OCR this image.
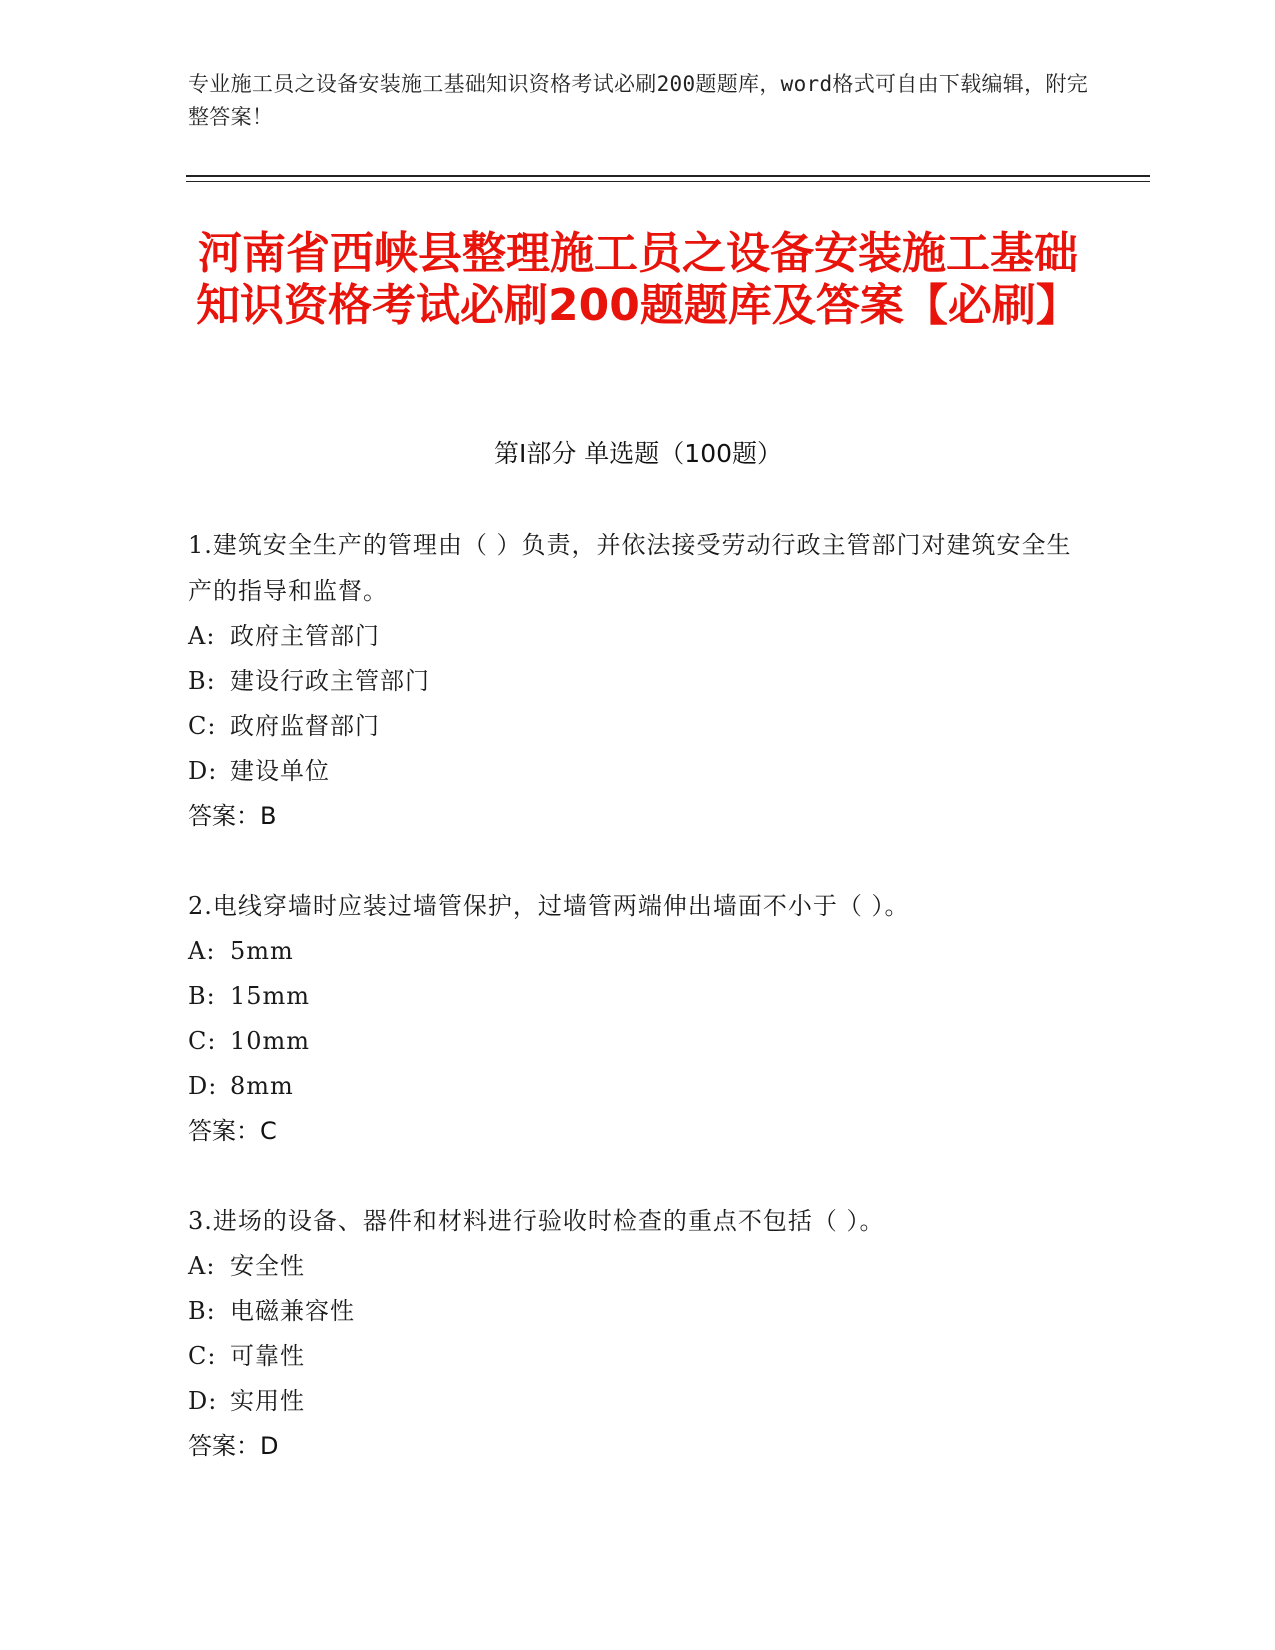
专业施工员之设备安装施工基础知识资格考试必刷200题题库，word格式可自由下载编辑，附完整答案！
河南省西峡县整理施工员之设备安装施工基础知识资格考试必刷200题题库及答案【必刷】
第I部分 单选题（100题）
1.建筑安全生产的管理由（ ）负责，并依法接受劳动行政主管部门对建筑安全生产的指导和监督。
A: 政府主管部门
B: 建设行政主管部门
C: 政府监督部门
D: 建设单位
答案：B
2.电线穿墙时应装过墙管保护，过墙管两端伸出墙面不小于（ ）。
A: 5mm
B: 15mm
C: 10mm
D: 8mm
答案：C
3.进场的设备、器件和材料进行验收时检查的重点不包括（ ）。
A: 安全性
B: 电磁兼容性
C: 可靠性
D: 实用性
答案：D
